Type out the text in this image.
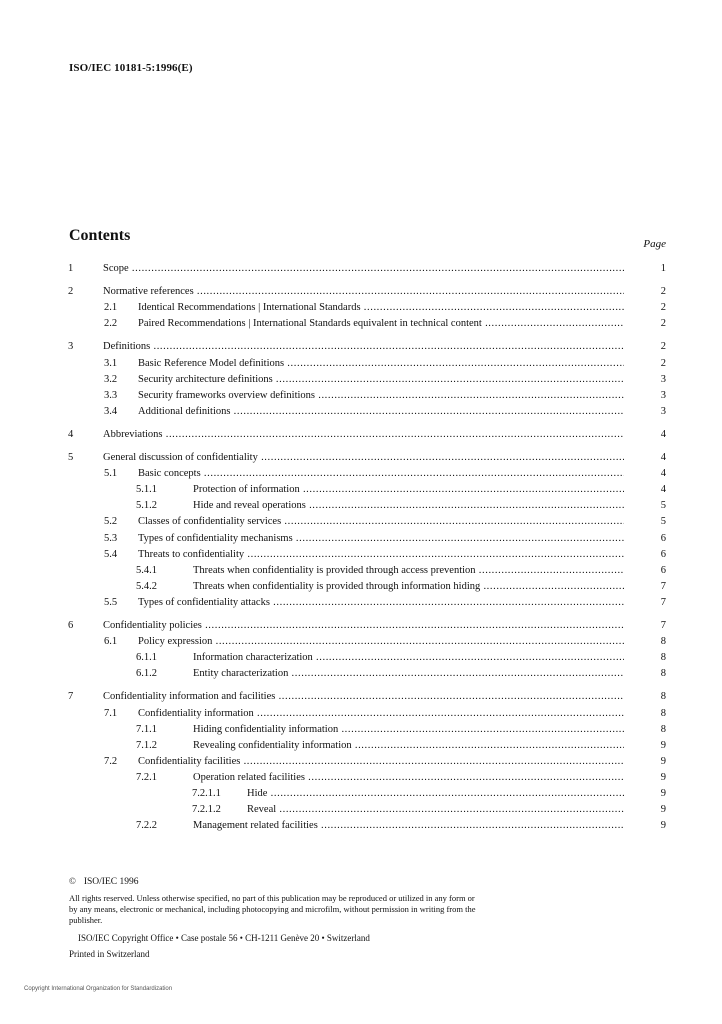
ISO/IEC 10181-5:1996(E)
Contents	Page
1	Scope .....	1
2	Normative references .....	2
2.1 Identical Recommendations | International Standards .....	2
2.2 Paired Recommendations | International Standards equivalent in technical content .....	2
3	Definitions .....	2
3.1 Basic Reference Model definitions .....	2
3.2 Security architecture definitions .....	3
3.3 Security frameworks overview definitions .....	3
3.4 Additional definitions .....	3
4	Abbreviations .....	4
5	General discussion of confidentiality .....	4
5.1 Basic concepts .....	4
5.1.1	Protection of information .....	4
5.1.2	Hide and reveal operations .....	5
5.2 Classes of confidentiality services .....	5
5.3 Types of confidentiality mechanisms .....	6
5.4 Threats to confidentiality .....	6
5.4.1	Threats when confidentiality is provided through access prevention .....	6
5.4.2	Threats when confidentiality is provided through information hiding .....	7
5.5 Types of confidentiality attacks .....	7
6	Confidentiality policies .....	7
6.1 Policy expression .....	8
6.1.1	Information characterization .....	8
6.1.2	Entity characterization .....	8
7	Confidentiality information and facilities .....	8
7.1 Confidentiality information .....	8
7.1.1	Hiding confidentiality information .....	8
7.1.2	Revealing confidentiality information .....	9
7.2 Confidentiality facilities .....	9
7.2.1	Operation related facilities .....	9
7.2.1.1 Hide .....	9
7.2.1.2 Reveal .....	9
7.2.2	Management related facilities .....	9
© ISO/IEC 1996
All rights reserved. Unless otherwise specified, no part of this publication may be reproduced or utilized in any form or by any means, electronic or mechanical, including photocopying and microfilm, without permission in writing from the publisher.
ISO/IEC Copyright Office • Case postale 56 • CH-1211 Genève 20 • Switzerland
Printed in Switzerland
Copyright International Organization for Standardization
